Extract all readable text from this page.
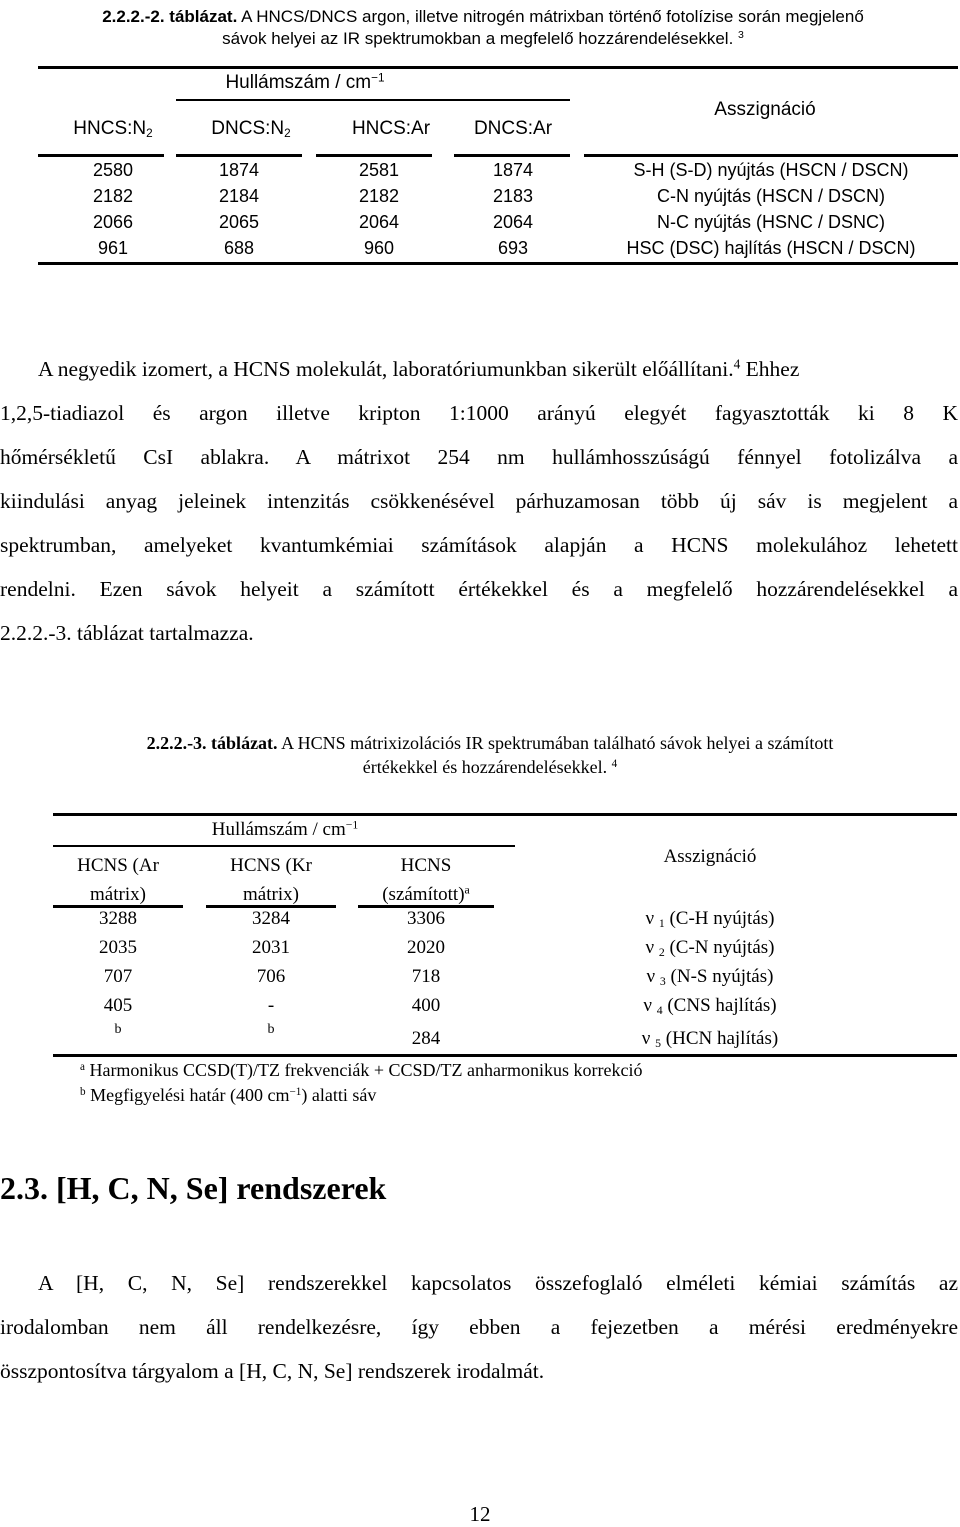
2.2.2.-2. táblázat. A HNCS/DNCS argon, illetve nitrogén mátrixban történő fotolízise során megjelenő
sávok helyei az IR spektrumokban a megfelelő hozzárendelésekkel. $^3$
Hullámszám / $cm^{-1}$
Asszignáció
$HNCS:N_2$	$DNCS:N_2$	HNCS:Ar	DNCS:Ar
2580	1874	2581	1874	S-H (S-D) nyújtás (HSCN / DSCN)
2182	2184	2182	2183	C-N nyújtás (HSCN / DSCN)
2066	2065	2064	2064	N-C nyújtás (HSNC / DSNC)
961	688	960	693	HSC (DSC) hajlítás (HSCN / DSCN)
A negyedik izomert, a HCNS molekulát, laboratóriumunkban sikerült előállítani.$^4$ Ehhez
1,2,5-tiadiazol és argon illetve kripton 1:1000 arányú elegyét fagyasztották ki 8 K
hőmérsékletű CsI ablakra. A mátrixot 254 nm hullámhosszúságú fénnyel fotolizálva a
kiindulási anyag jeleinek intenzitás csökkenésével párhuzamosan több új sáv is megjelent a
spektrumban, amelyeket kvantumkémiai számítások alapján a HCNS molekulához lehetett
rendelni. Ezen sávok helyeit a számított értékekkel és a megfelelő hozzárendelésekkel a
2.2.2.-3. táblázat tartalmazza.
2.2.2.-3. táblázat. A HCNS mátrixizolációs IR spektrumában található sávok helyei a számított
értékekkel és hozzárendelésekkel. $^4$
Hullámszám / $cm^{-1}$
Asszignáció
HCNS (Ar
mátrix)
HCNS (Kr
mátrix)
HCNS
(számított)$^a$
3288	3284	3306	ν $_1$ (C-H nyújtás)
2035	2031	2020	ν $_2$ (C-N nyújtás)
707	706	718	ν $_3$ (N-S nyújtás)
405	-	400	ν $_4$ (CNS hajlítás)
b	b	284	ν $_5$ (HCN hajlítás)
$^a$ Harmonikus CCSD(T)/TZ frekvenciák + CCSD/TZ anharmonikus korrekció
$^b$ Megfigyelési határ (400 $cm^{-1}$) alatti sáv
2.3. [H, C, N, Se] rendszerek
A [H, C, N, Se] rendszerekkel kapcsolatos összefoglaló elméleti kémiai számítás az
irodalomban nem áll rendelkezésre, így ebben a fejezetben a mérési eredményekre
összpontosítva tárgyalom a [H, C, N, Se] rendszerek irodalmát.
12
